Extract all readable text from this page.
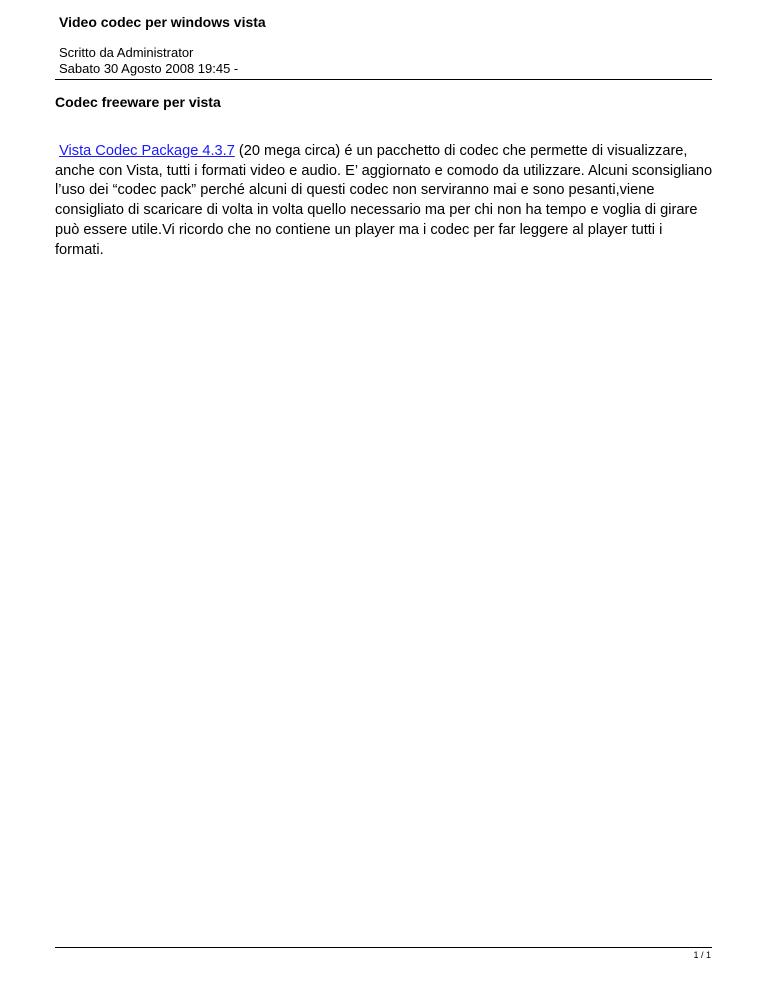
Video codec per windows vista
Scritto da Administrator
Sabato 30 Agosto 2008 19:45 -
Codec freeware per vista
Vista Codec Package 4.3.7 (20 mega circa) é un pacchetto di codec che permette di visualizzare, anche con Vista, tutti i formati video e audio. E’ aggiornato e comodo da utilizzare. Alcuni sconsigliano l’uso dei “codec pack” perché alcuni di questi codec non serviranno mai e sono pesanti,viene consigliato di scaricare di volta in volta quello necessario ma per chi non ha tempo e voglia di girare può essere utile.Vi ricordo che no contiene un player ma i codec per far leggere al player tutti i formati.
1 / 1
